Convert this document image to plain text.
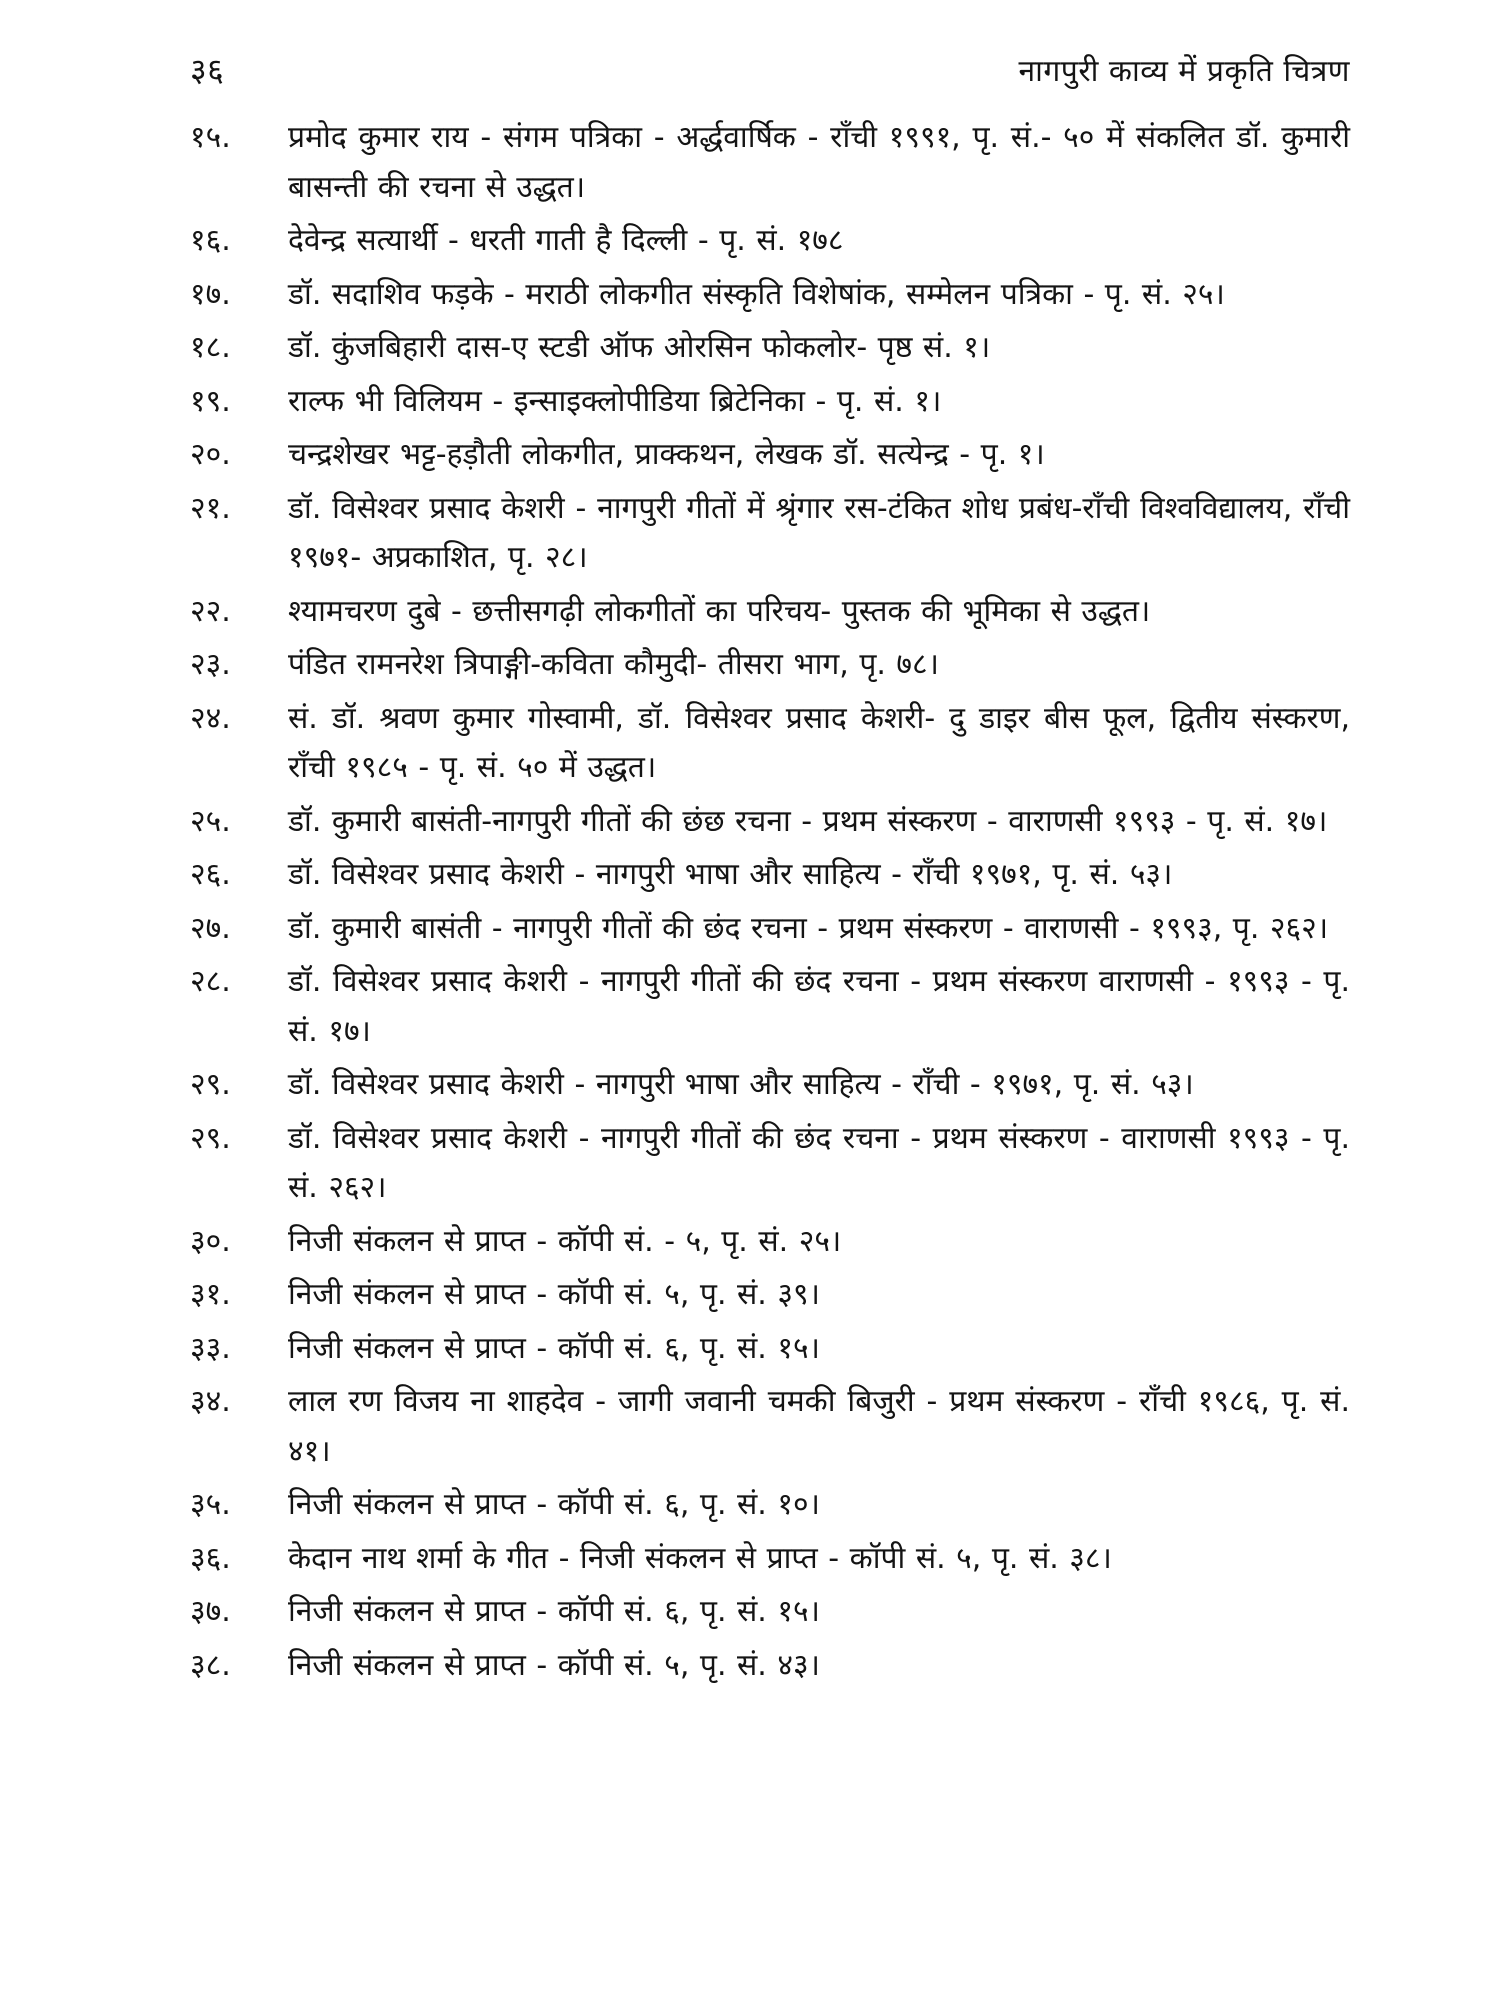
३६	नागपुरी काव्य में प्रकृति चित्रण
१५.	प्रमोद कुमार राय - संगम पत्रिका - अर्द्धवार्षिक - राँची १९९१, पृ. सं.- ५० में संकलित डॉ. कुमारी बासन्ती की रचना से उद्धत।
१६.	देवेन्द्र सत्यार्थी - धरती गाती है दिल्ली - पृ. सं. १७८
१७.	डॉ. सदाशिव फड़के - मराठी लोकगीत संस्कृति विशेषांक, सम्मेलन पत्रिका - पृ. सं. २५।
१८.	डॉ. कुंजबिहारी दास-ए स्टडी ऑफ ओरसिन फोकलोर- पृष्ठ सं. १।
१९.	राल्फ भी विलियम - इन्साइक्लोपीडिया ब्रिटेनिका - पृ. सं. १।
२०.	चन्द्रशेखर भट्ट-हड़ौती लोकगीत, प्राक्कथन, लेखक डॉ. सत्येन्द्र - पृ. १।
२१.	डॉ. विसेश्वर प्रसाद केशरी - नागपुरी गीतों में श्रृंगार रस-टंकित शोध प्रबंध-राँची विश्वविद्यालय, राँची १९७१- अप्रकाशित, पृ. २८।
२२.	श्यामचरण दुबे - छत्तीसगढ़ी लोकगीतों का परिचय- पुस्तक की भूमिका से उद्धत।
२३.	पंडित रामनरेश त्रिपाङ्गी-कविता कौमुदी- तीसरा भाग, पृ. ७८।
२४.	सं. डॉ. श्रवण कुमार गोस्वामी, डॉ. विसेश्वर प्रसाद केशरी- दु डाइर बीस फूल, द्वितीय संस्करण, राँची १९८५ - पृ. सं. ५० में उद्धत।
२५.	डॉ. कुमारी बासंती-नागपुरी गीतों की छंछ रचना - प्रथम संस्करण - वाराणसी १९९३ - पृ. सं. १७।
२६.	डॉ. विसेश्वर प्रसाद केशरी - नागपुरी भाषा और साहित्य - राँची १९७१, पृ. सं. ५३।
२७.	डॉ. कुमारी बासंती - नागपुरी गीतों की छंद रचना - प्रथम संस्करण - वाराणसी - १९९३, पृ. २६२।
२८.	डॉ. विसेश्वर प्रसाद केशरी - नागपुरी गीतों की छंद रचना - प्रथम संस्करण वाराणसी - १९९३ - पृ. सं. १७।
२९.	डॉ. विसेश्वर प्रसाद केशरी - नागपुरी भाषा और साहित्य - राँची - १९७१, पृ. सं. ५३।
२९.	डॉ. विसेश्वर प्रसाद केशरी - नागपुरी गीतों की छंद रचना - प्रथम संस्करण - वाराणसी १९९३ - पृ. सं. २६२।
३०.	निजी संकलन से प्राप्त - कॉपी सं. - ५, पृ. सं. २५।
३१.	निजी संकलन से प्राप्त - कॉपी सं. ५, पृ. सं. ३९।
३३.	निजी संकलन से प्राप्त - कॉपी सं. ६, पृ. सं. १५।
३४.	लाल रण विजय ना शाहदेव - जागी जवानी चमकी बिजुरी - प्रथम संस्करण - राँची १९८६, पृ. सं. ४१।
३५.	निजी संकलन से प्राप्त - कॉपी सं. ६, पृ. सं. १०।
३६.	केदान नाथ शर्मा के गीत - निजी संकलन से प्राप्त - कॉपी सं. ५, पृ. सं. ३८।
३७.	निजी संकलन से प्राप्त - कॉपी सं. ६, पृ. सं. १५।
३८.	निजी संकलन से प्राप्त - कॉपी सं. ५, पृ. सं. ४३।
